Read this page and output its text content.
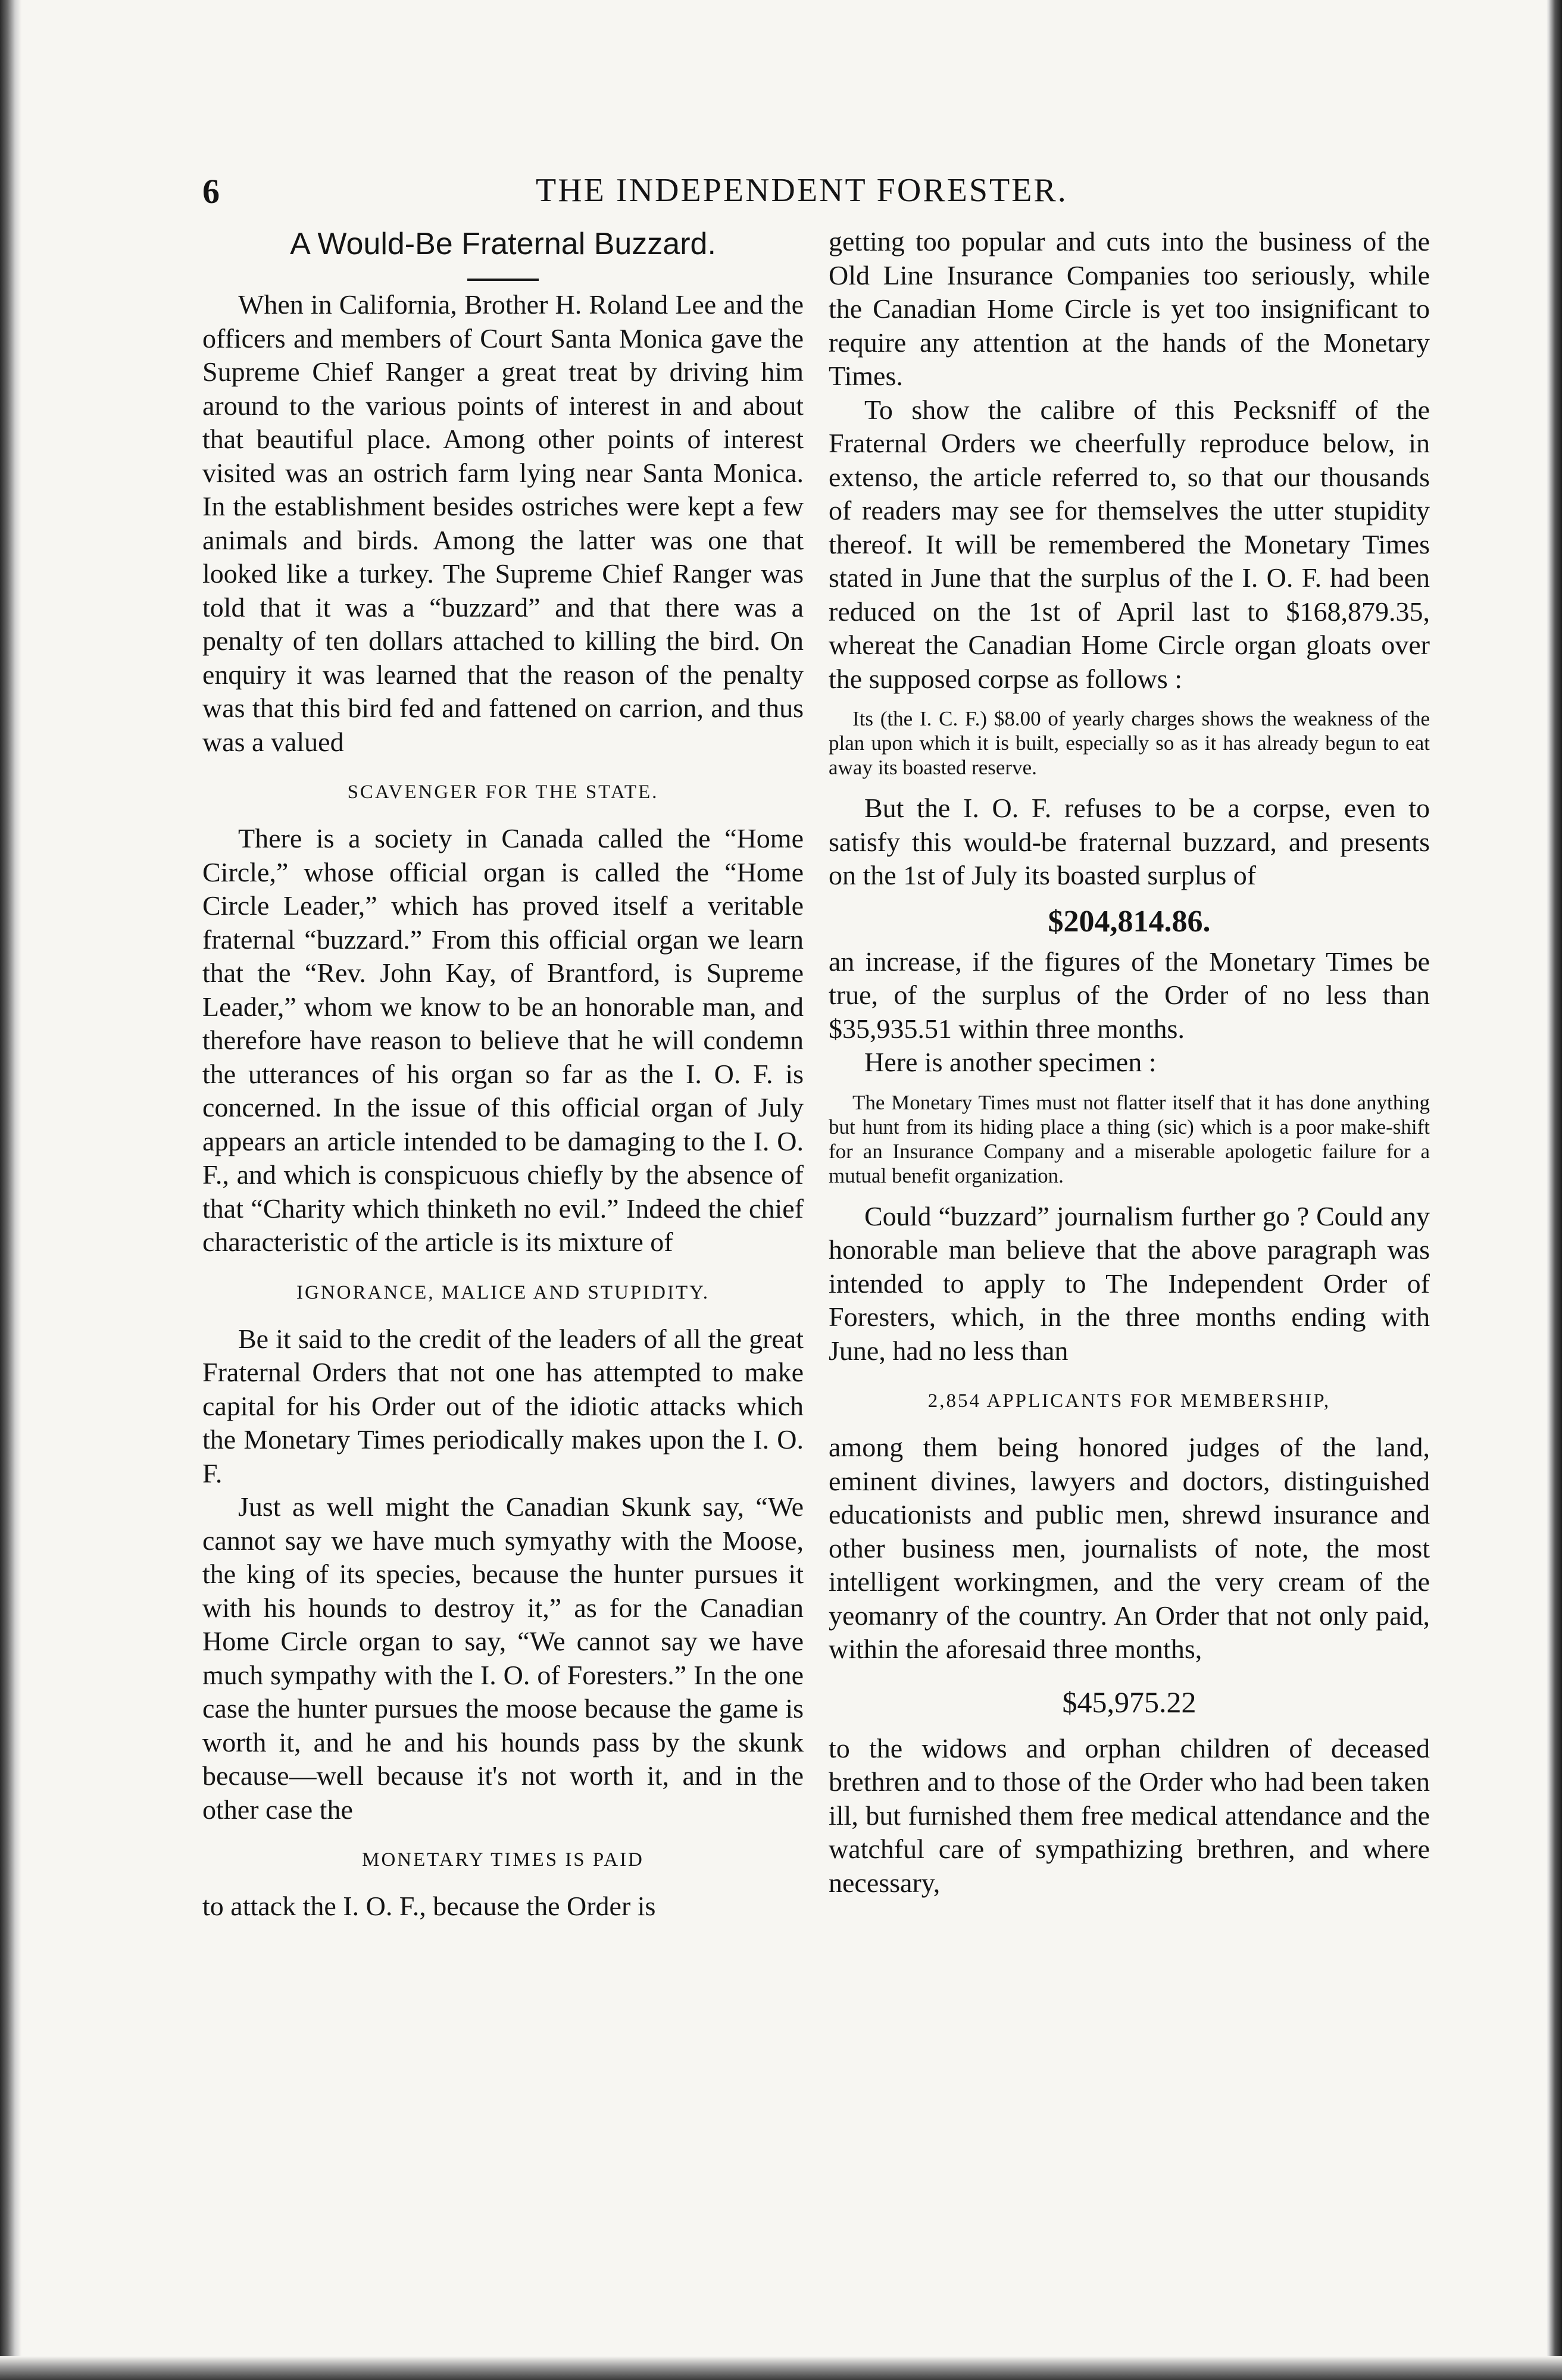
6	THE INDEPENDENT FORESTER.
A Would-Be Fraternal Buzzard.

When in California, Brother H. Roland Lee and the officers and members of Court Santa Monica gave the Supreme Chief Ranger a great treat by driving him around to the various points of interest in and about that beautiful place. Among other points of interest visited was an ostrich farm lying near Santa Monica. In the establishment besides ostriches were kept a few animals and birds. Among the latter was one that looked like a turkey. The Supreme Chief Ranger was told that it was a “buzzard” and that there was a penalty of ten dollars attached to killing the bird. On enquiry it was learned that the reason of the penalty was that this bird fed and fattened on carrion, and thus was a valued

SCAVENGER FOR THE STATE.

There is a society in Canada called the “Home Circle,” whose official organ is called the “Home Circle Leader,” which has proved itself a veritable fraternal “buzzard.” From this official organ we learn that the “Rev. John Kay, of Brantford, is Supreme Leader,” whom we know to be an honorable man, and therefore have reason to believe that he will condemn the utterances of his organ so far as the I. O. F. is concerned. In the issue of this official organ of July appears an article intended to be damaging to the I. O. F., and which is conspicuous chiefly by the absence of that “Charity which thinketh no evil.” Indeed the chief characteristic of the article is its mixture of

IGNORANCE, MALICE AND STUPIDITY.

Be it said to the credit of the leaders of all the great Fraternal Orders that not one has attempted to make capital for his Order out of the idiotic attacks which the Monetary Times periodically makes upon the I. O. F.

Just as well might the Canadian Skunk say, “We cannot say we have much symyathy with the Moose, the king of its species, because the hunter pursues it with his hounds to destroy it,” as for the Canadian Home Circle organ to say, “We cannot say we have much sympathy with the I. O. of Foresters.” In the one case the hunter pursues the moose because the game is worth it, and he and his hounds pass by the skunk because—well because it's not worth it, and in the other case the

MONETARY TIMES IS PAID

to attack the I. O. F., because the Order is

getting too popular and cuts into the business of the Old Line Insurance Companies too seriously, while the Canadian Home Circle is yet too insignificant to require any attention at the hands of the Monetary Times.

To show the calibre of this Pecksniff of the Fraternal Orders we cheerfully reproduce below, in extenso, the article referred to, so that our thousands of readers may see for themselves the utter stupidity thereof. It will be remembered the Monetary Times stated in June that the surplus of the I. O. F. had been reduced on the 1st of April last to $168,879.35, whereat the Canadian Home Circle organ gloats over the supposed corpse as follows :

Its (the I. C. F.) $8.00 of yearly charges shows the weakness of the plan upon which it is built, especially so as it has already begun to eat away its boasted reserve.

But the I. O. F. refuses to be a corpse, even to satisfy this would-be fraternal buzzard, and presents on the 1st of July its boasted surplus of

$204,814.86.

an increase, if the figures of the Monetary Times be true, of the surplus of the Order of no less than $35,935.51 within three months.

Here is another specimen :

The Monetary Times must not flatter itself that it has done anything but hunt from its hiding place a thing (sic) which is a poor make-shift for an Insurance Company and a miserable apologetic failure for a mutual benefit organization.

Could “buzzard” journalism further go ? Could any honorable man believe that the above paragraph was intended to apply to The Independent Order of Foresters, which, in the three months ending with June, had no less than

2,854 APPLICANTS FOR MEMBERSHIP,

among them being honored judges of the land, eminent divines, lawyers and doctors, distinguished educationists and public men, shrewd insurance and other business men, journalists of note, the most intelligent workingmen, and the very cream of the yeomanry of the country. An Order that not only paid, within the aforesaid three months,

$45,975.22

to the widows and orphan children of deceased brethren and to those of the Order who had been taken ill, but furnished them free medical attendance and the watchful care of sympathizing brethren, and where necessary,
